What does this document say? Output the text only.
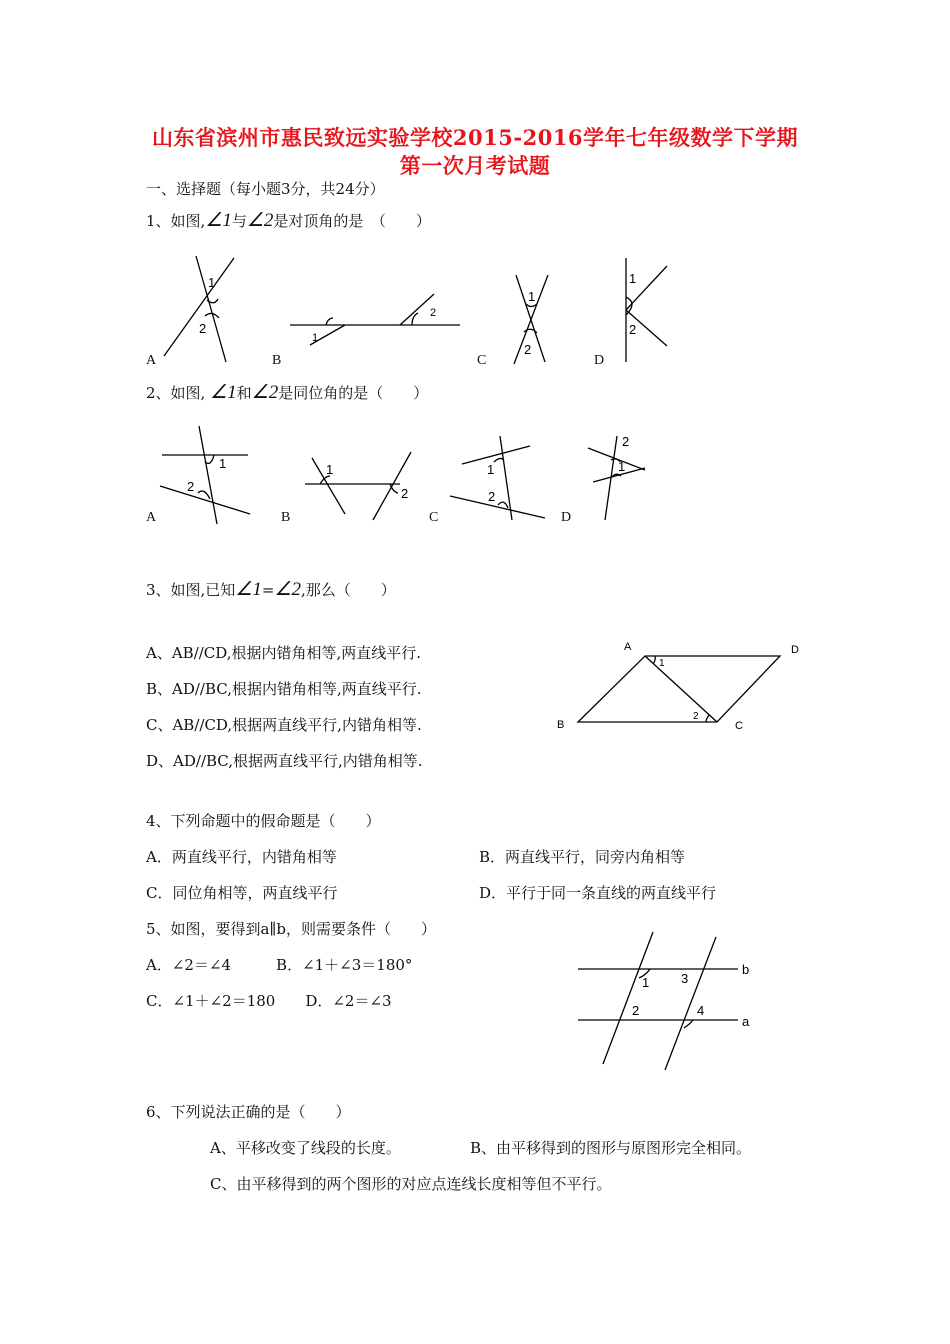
山东省滨州市惠民致远实验学校2015-2016学年七年级数学下学期
第一次月考试题
一、选择题（每小题3分，共24分）
1、如图,∠1与∠2是对顶角的是　（　　）
1
2
1
2
1
2
1
2
1
2
1
2
1
2
2
1
A	D
B	C
1
2
b
a
1 3
2	4
A	B	C	D
2、如图, ∠1和∠2是同位角的是（　　）
A	B	C	D
3、如图,已知∠1=∠2,那么（　　）
A、AB//CD,根据内错角相等,两直线平行.
B、AD//BC,根据内错角相等,两直线平行.
C、AB//CD,根据两直线平行,内错角相等.
D、AD//BC,根据两直线平行,内错角相等.
4、下列命题中的假命题是（　　）
A．两直线平行，内错角相等	B．两直线平行，同旁内角相等
C．同位角相等，两直线平行	D．平行于同一条直线的两直线平行
5、如图，要得到a∥b，则需要条件（　　）
A．∠2＝∠4　　　B．∠1＋∠3＝180°
C．∠1＋∠2＝180　　D．∠2＝∠3
6、下列说法正确的是（　　）
A、平移改变了线段的长度。	B、由平移得到的图形与原图形完全相同。
C、由平移得到的两个图形的对应点连线长度相等但不平行。
